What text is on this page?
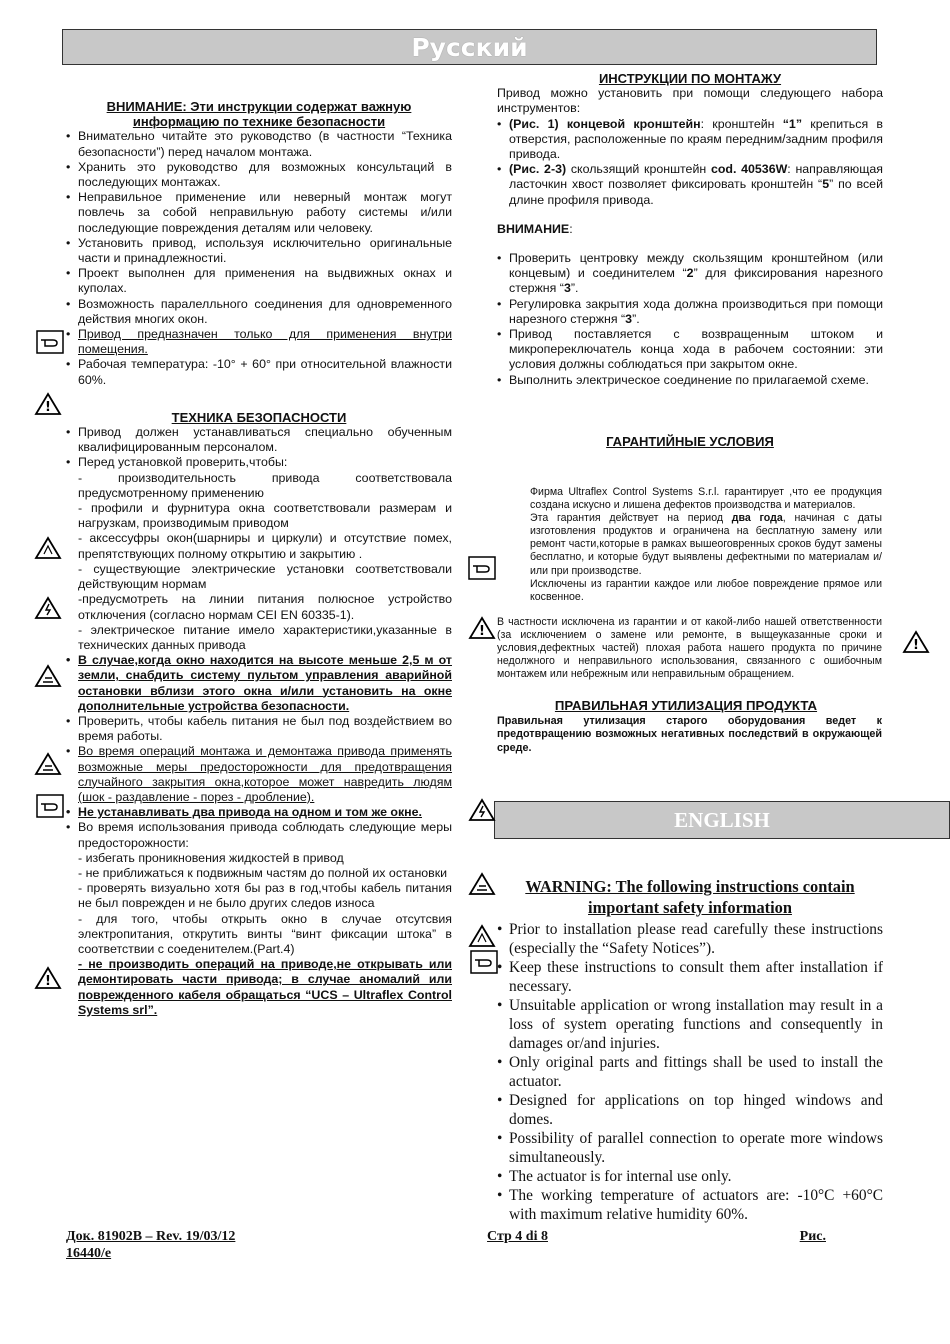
Русский
ВНИМАНИЕ: Эти инструкции содержат важную
информацию по технике безопасности
• Внимательно читайте это руководство (в частности “Техника безопасности”) перед началом монтажа.
• Хранить это руководство для возможных консультаций в последующих монтажах.
• Неправильное применение или неверный монтаж могут повлечь за собой неправильную работу системы и/или последующие повреждения деталям или человеку.
• Установить привод, используя исключительно оригинальные части и принадлежностиi.
• Проект выполнен для применения на выдвижных окнах и куполах.
• Возможность паралелльного соединения для одновременного действия многих окон.
• Привод предназначен только для применения внутри помещения.
• Рабочая температура: -10° + 60° при относительной влажности 60%.
ТЕХНИКА БЕЗОПАСНОСТИ
• Привод должен устанавливаться специально обученным квалифицированным персоналом.
• Перед установкой проверить,чтобы:
- производительность привода соответствовала предусмотренному применению
- профили и фурнитура окна соответствовали размерам и нагрузкам, производимым приводом
- аксессуфры окон(шарниры и циркули) и отсутствие помех, препятствующих полному открытию и закрытию .
- существующие электрические установки соответствовали действующим нормам
-предусмотреть на линии питания полюсное устройство отключения (согласно нормам CEI EN 60335-1).
- электрическое питание имело характеристики,указанные в технических данных привода
• В случае,когда окно находится на высоте меньше 2,5 м от земли, снабдить систему пультом управления аварийной остановки вблизи этого окна и/или установить на окне дополнительные устройства безопасности.
• Проверить, чтобы кабель питания не был под воздействием во время работы.
• Во время операций монтажа и демонтажа привода применять возможные меры предосторожности для предотвращения случайного закрытия окна,которое может навредить людям (шок - раздавление - порез - дробление).
• Не устанавливать два привода на одном и том же окне.
• Во время использования привода соблюдать следующие меры предосторожности:
- избегать проникновения жидкостей в привод
- не приближаться к подвижным частям до полной их остановки
- проверять визуально хотя бы раз в год,чтобы кабель питания не был поврежден и не было других следов износа
- для того, чтобы открыть окно в случае отсутсвия электропитания, открутить винты “винт фиксации штока” в соответствии с соеденителем.(Part.4)
- не производить операций на приводе,не открывать или демонтировать части привода; в случае аномалий или поврежденного кабеля обращаться “UCS – Ultraflex Control Systems srl”.
ИНСТРУКЦИИ ПО МОНТАЖУ

Привод можно установить при помощи следующего набора инструментов:

• (Рис. 1) концевой кронштейн: кронштейн “1” крепиться в отверстия, расположенные по краям передним/задним профиля привода.
• (Рис. 2-3) скользящий кронштейн cod. 40536W: направляющая ласточкин хвост позволяет фиксировать кронштейн “5” по всей длине профиля привода.

ВНИМАНИЕ:

• Проверить центровку между скользящим кронштейном (или концевым) и соединителем “2” для фиксирования нарезного стержня “3”.
• Регулировка закрытия хода должна производиться при помощи нарезного стержня “3”.
• Привод поставляется с возвращенным штоком и микропереключатель конца хода в рабочем состоянии: эти условия должны соблюдаться при закрытом окне.
• Выполнить электрическое соединение по прилагаемой схеме.
ГАРАНТИЙНЫЕ УСЛОВИЯ

Фирма Ultraflex Control Systems S.r.l. гарантирует ,что ее продукция создана искусно и лишена дефектов производства и материалов.

Эта гарантия действует на период два года, начиная с даты изготовления продуктов и ограничена на бесплатную замену или ремонт части,которые в рамках вышеоговренных сроков будут замены бесплатно, и которые будут выявлены дефектными по материалам и/или при производстве.

Исключены из гарантии каждое или любое повреждение прямое или косвенное.

В частности исключена из гарантии и от какой-либо нашей ответственности (за исключением о замене или ремонте, в выщеуказанные сроки и условия,дефектных частей) плохая работа нашего продукта по причине недолжного и неправильного использования, связанного с ошибочным монтажем или небрежным или неправильным обращением.
ПРАВИЛЬНАЯ УТИЛИЗАЦИЯ ПРОДУКТА
Правильная утилизация старого оборудования ведет к предотвращению возможных негативных последствий в окружающей среде.
ENGLISH
WARNING: The following instructions contain important safety information
• Prior to installation please read carefully these instructions (especially the “Safety Notices”).
• Keep these instructions to consult them after installation if necessary.
• Unsuitable application or wrong installation may result in a loss of system operating functions and consequently in damages or/and injuries.
• Only original parts and fittings shall be used to install the actuator.
• Designed for applications on top hinged windows and domes.
• Possibility of parallel connection to operate more windows simultaneously.
• The actuator is for internal use only.
• The working temperature of actuators are: -10°C +60°C with maximum relative humidity 60%.
!
!
!
!
Док. 81902B – Rev. 19/03/12	Стр 4 di 8	Рис.
16440/e
